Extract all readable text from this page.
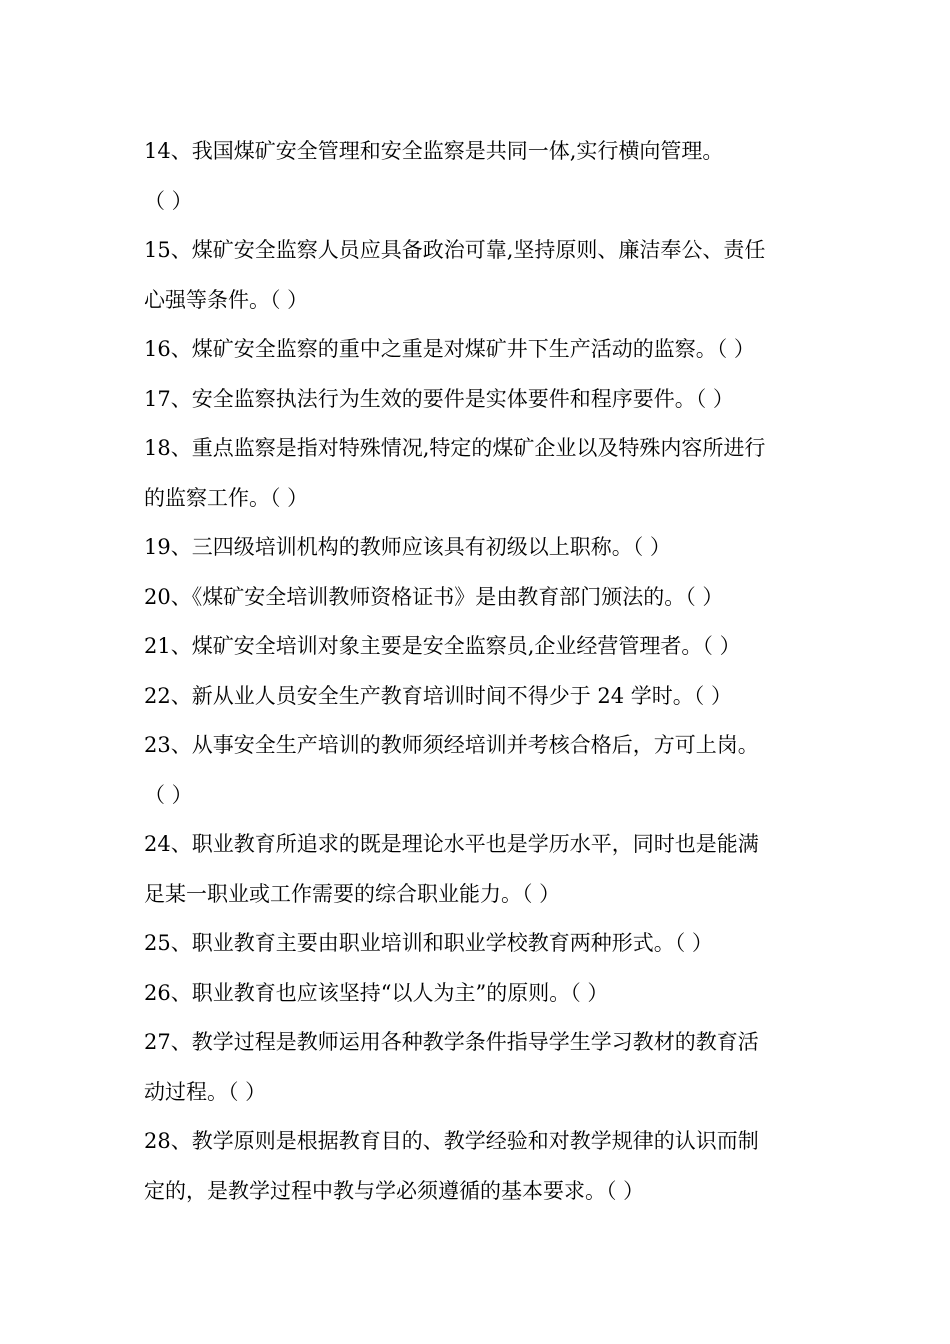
14、我国煤矿安全管理和安全监察是共同一体,实行横向管理。
（ ）
15、煤矿安全监察人员应具备政治可靠,坚持原则、廉洁奉公、责任
心强等条件。（ ）
16、煤矿安全监察的重中之重是对煤矿井下生产活动的监察。（ ）
17、安全监察执法行为生效的要件是实体要件和程序要件。（ ）
18、重点监察是指对特殊情况,特定的煤矿企业以及特殊内容所进行
的监察工作。（ ）
19、三四级培训机构的教师应该具有初级以上职称。（ ）
20、《煤矿安全培训教师资格证书》是由教育部门颁法的。（ ）
21、煤矿安全培训对象主要是安全监察员,企业经营管理者。（ ）
22、新从业人员安全生产教育培训时间不得少于 24 学时。（ ）
23、从事安全生产培训的教师须经培训并考核合格后，方可上岗。
（ ）
24、职业教育所追求的既是理论水平也是学历水平，同时也是能满
足某一职业或工作需要的综合职业能力。（ ）
25、职业教育主要由职业培训和职业学校教育两种形式。（ ）
26、职业教育也应该坚持“以人为主”的原则。（ ）
27、教学过程是教师运用各种教学条件指导学生学习教材的教育活
动过程。（ ）
28、教学原则是根据教育目的、教学经验和对教学规律的认识而制
定的，是教学过程中教与学必须遵循的基本要求。（ ）
